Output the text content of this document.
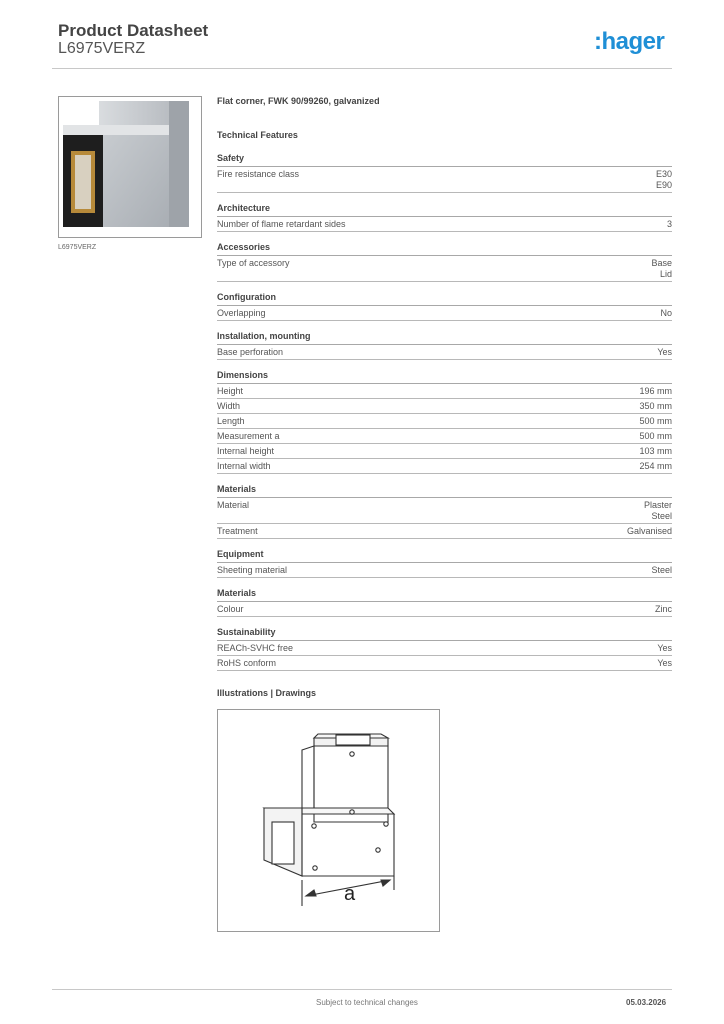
Product Datasheet
L6975VERZ	:hager
L6975VERZ
Flat corner, FWK 90/99260, galvanized
Technical Features
Safety
Fire resistance class	E30
E90
Architecture
Number of flame retardant sides	3
Accessories
Type of accessory	Base
Lid
Configuration
Overlapping	No
Installation, mounting
Base perforation	Yes
Dimensions
Height	196 mm
Width	350 mm
Length	500 mm
Measurement a	500 mm
Internal height	103 mm
Internal width	254 mm
Materials
Material	Plaster
Steel
Treatment	Galvanised
Equipment
Sheeting material	Steel
Materials
Colour	Zinc
Sustainability
REACh-SVHC free	Yes
RoHS conform	Yes
Illustrations | Drawings
a
Subject to technical changes	05.03.2026
